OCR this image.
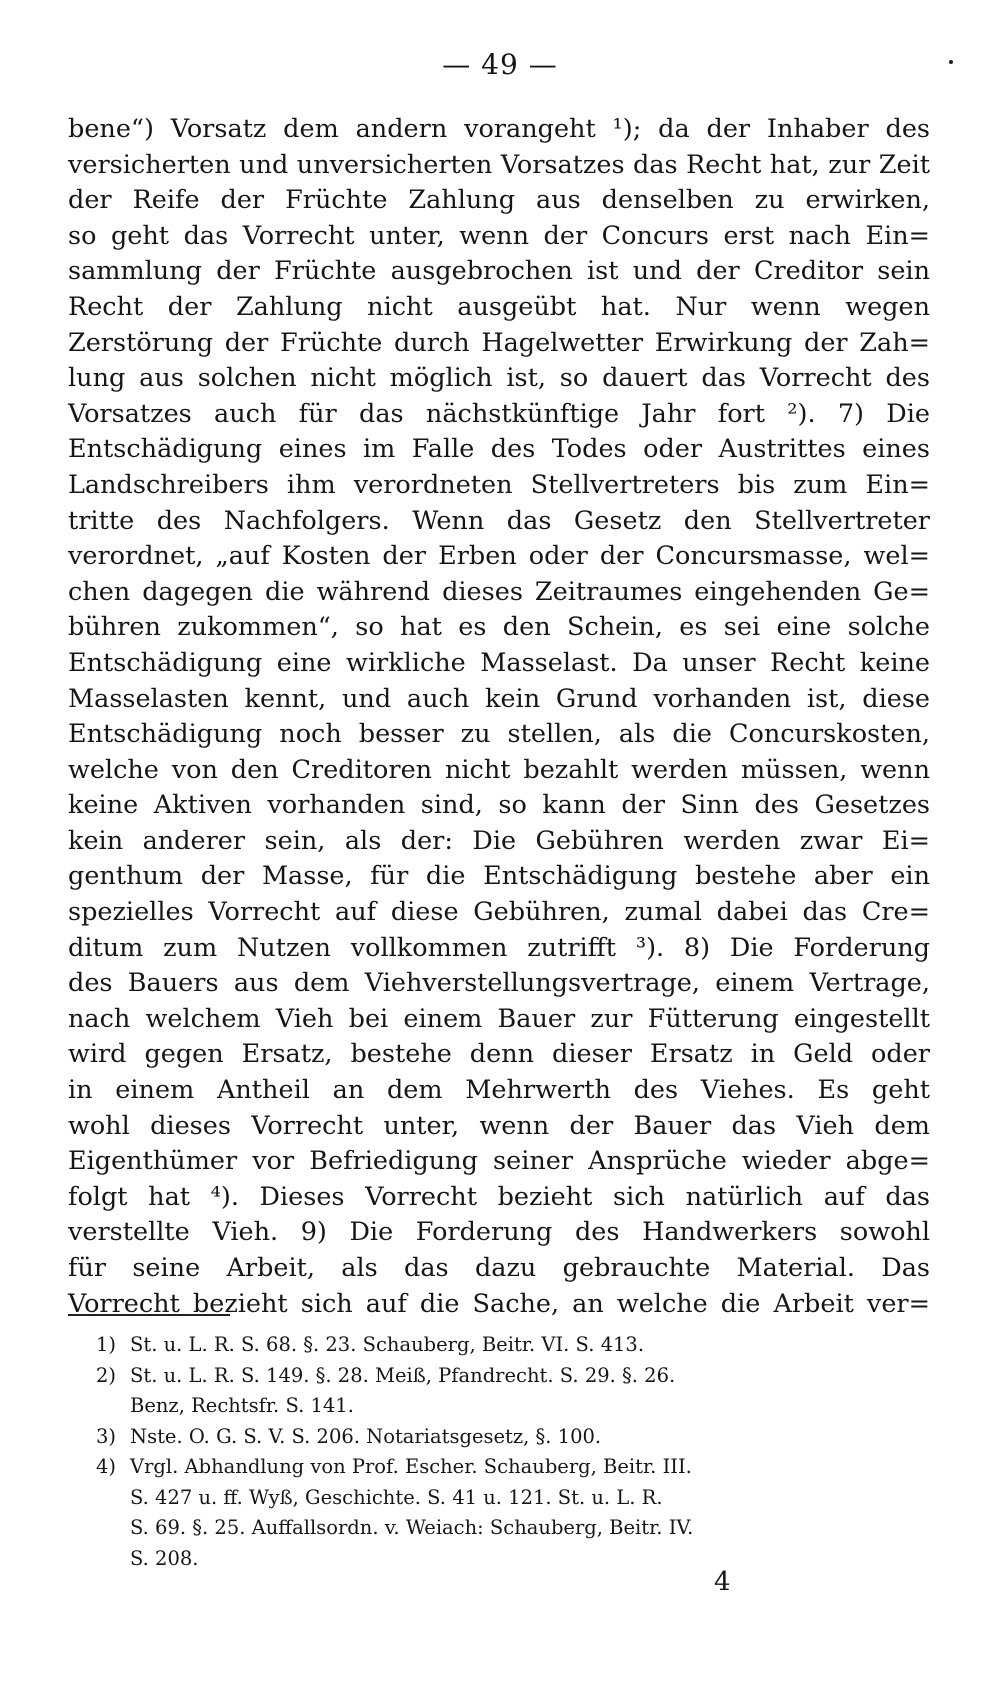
— 49 —
bene“) Vorsatz dem andern vorangeht ¹); da der Inhaber des
versicherten und unversicherten Vorsatzes das Recht hat, zur Zeit
der Reife der Früchte Zahlung aus denselben zu erwirken,
so geht das Vorrecht unter, wenn der Concurs erst nach Ein=
sammlung der Früchte ausgebrochen ist und der Creditor sein
Recht der Zahlung nicht ausgeübt hat. Nur wenn wegen
Zerstörung der Früchte durch Hagelwetter Erwirkung der Zah=
lung aus solchen nicht möglich ist, so dauert das Vorrecht des
Vorsatzes auch für das nächstkünftige Jahr fort ²). 7) Die
Entschädigung eines im Falle des Todes oder Austrittes eines
Landschreibers ihm verordneten Stellvertreters bis zum Ein=
tritte des Nachfolgers. Wenn das Gesetz den Stellvertreter
verordnet, „auf Kosten der Erben oder der Concursmasse, wel=
chen dagegen die während dieses Zeitraumes eingehenden Ge=
bühren zukommen“, so hat es den Schein, es sei eine solche
Entschädigung eine wirkliche Masselast. Da unser Recht keine
Masselasten kennt, und auch kein Grund vorhanden ist, diese
Entschädigung noch besser zu stellen, als die Concurskosten,
welche von den Creditoren nicht bezahlt werden müssen, wenn
keine Aktiven vorhanden sind, so kann der Sinn des Gesetzes
kein anderer sein, als der: Die Gebühren werden zwar Ei=
genthum der Masse, für die Entschädigung bestehe aber ein
spezielles Vorrecht auf diese Gebühren, zumal dabei das Cre=
ditum zum Nutzen vollkommen zutrifft ³). 8) Die Forderung
des Bauers aus dem Viehverstellungsvertrage, einem Vertrage,
nach welchem Vieh bei einem Bauer zur Fütterung eingestellt
wird gegen Ersatz, bestehe denn dieser Ersatz in Geld oder
in einem Antheil an dem Mehrwerth des Viehes. Es geht
wohl dieses Vorrecht unter, wenn der Bauer das Vieh dem
Eigenthümer vor Befriedigung seiner Ansprüche wieder abge=
folgt hat ⁴). Dieses Vorrecht bezieht sich natürlich auf das
verstellte Vieh. 9) Die Forderung des Handwerkers sowohl
für seine Arbeit, als das dazu gebrauchte Material. Das
Vorrecht bezieht sich auf die Sache, an welche die Arbeit ver=
1) St. u. L. R. S. 68. §. 23. Schauberg, Beitr. VI. S. 413.
2) St. u. L. R. S. 149. §. 28. Meiß, Pfandrecht. S. 29. §. 26.
Benz, Rechtsfr. S. 141.
3) Nste. O. G. S. V. S. 206. Notariatsgesetz, §. 100.
4) Vrgl. Abhandlung von Prof. Escher. Schauberg, Beitr. III.
S. 427 u. ff. Wyß, Geschichte. S. 41 u. 121. St. u. L. R.
S. 69. §. 25. Auffallsordn. v. Weiach: Schauberg, Beitr. IV.
S. 208.
4
